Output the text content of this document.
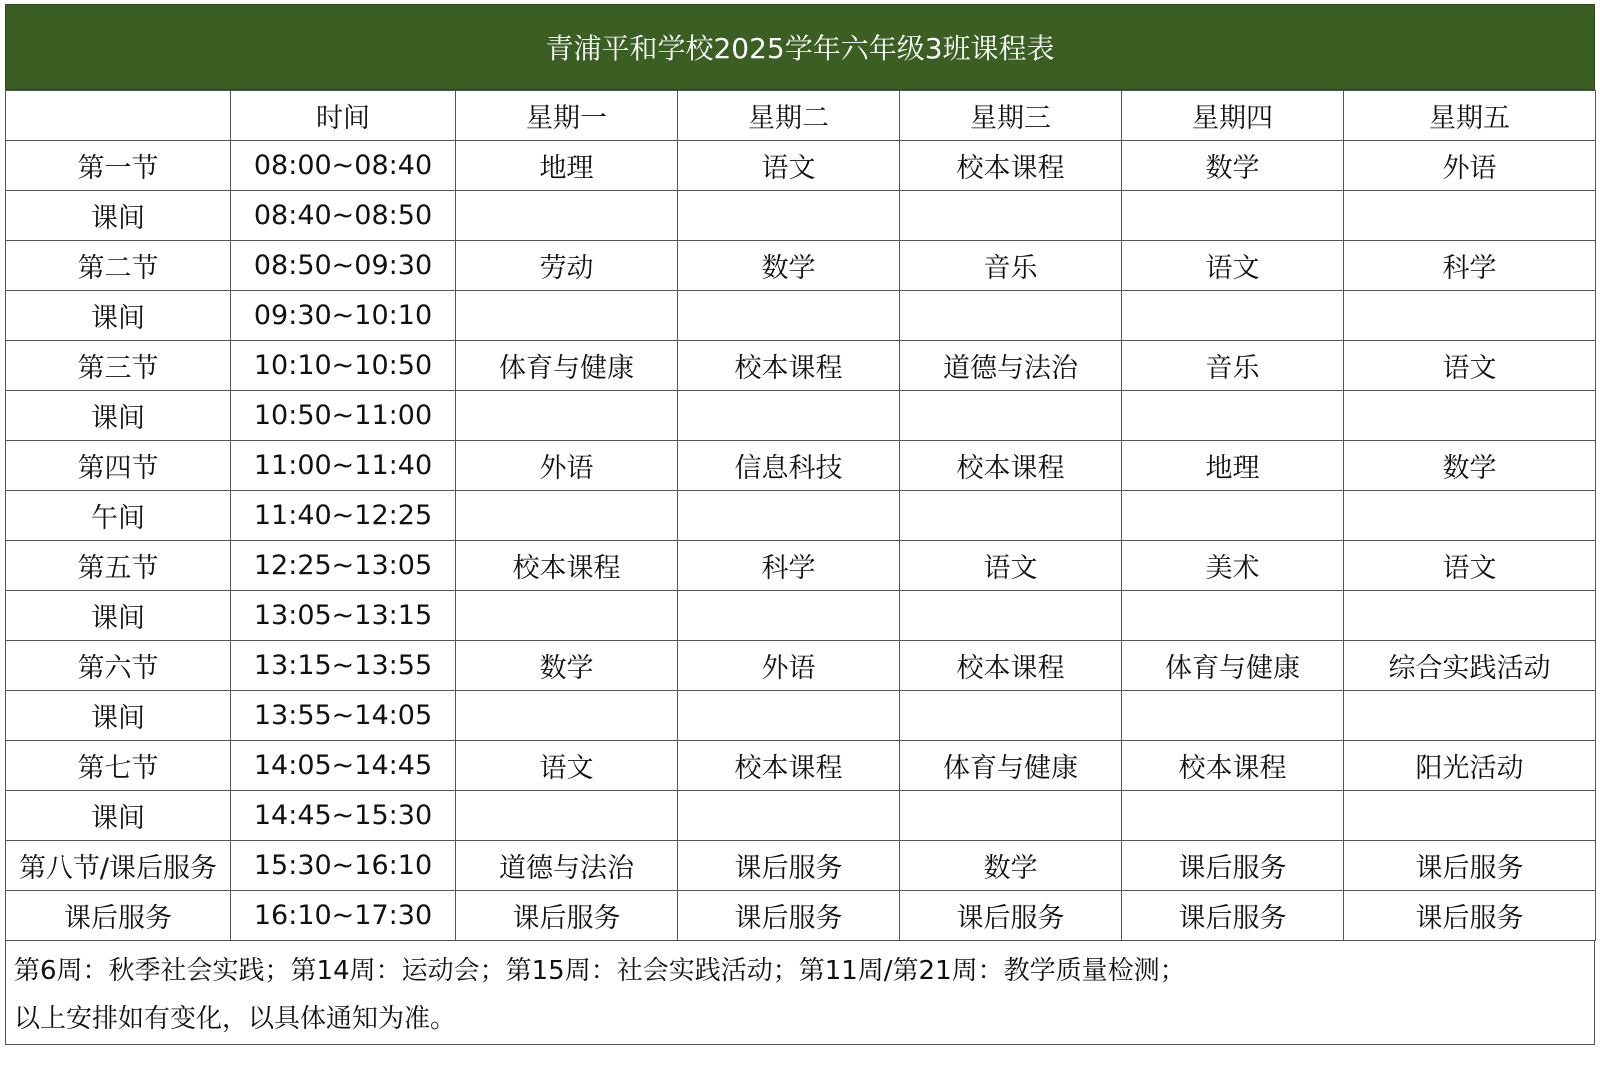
青浦平和学校2025学年六年级3班课程表
	时间	星期一	星期二	星期三	星期四	星期五
第一节	08:00~08:40	地理	语文	校本课程	数学	外语
课间	08:40~08:50					
第二节	08:50~09:30	劳动	数学	音乐	语文	科学
课间	09:30~10:10					
第三节	10:10~10:50	体育与健康	校本课程	道德与法治	音乐	语文
课间	10:50~11:00					
第四节	11:00~11:40	外语	信息科技	校本课程	地理	数学
午间	11:40~12:25					
第五节	12:25~13:05	校本课程	科学	语文	美术	语文
课间	13:05~13:15					
第六节	13:15~13:55	数学	外语	校本课程	体育与健康	综合实践活动
课间	13:55~14:05					
第七节	14:05~14:45	语文	校本课程	体育与健康	校本课程	阳光活动
课间	14:45~15:30					
第八节/课后服务	15:30~16:10	道德与法治	课后服务	数学	课后服务	课后服务
课后服务	16:10~17:30	课后服务	课后服务	课后服务	课后服务	课后服务
第6周：秋季社会实践；第14周：运动会；第15周：社会实践活动；第11周/第21周：教学质量检测；
以上安排如有变化，以具体通知为准。
